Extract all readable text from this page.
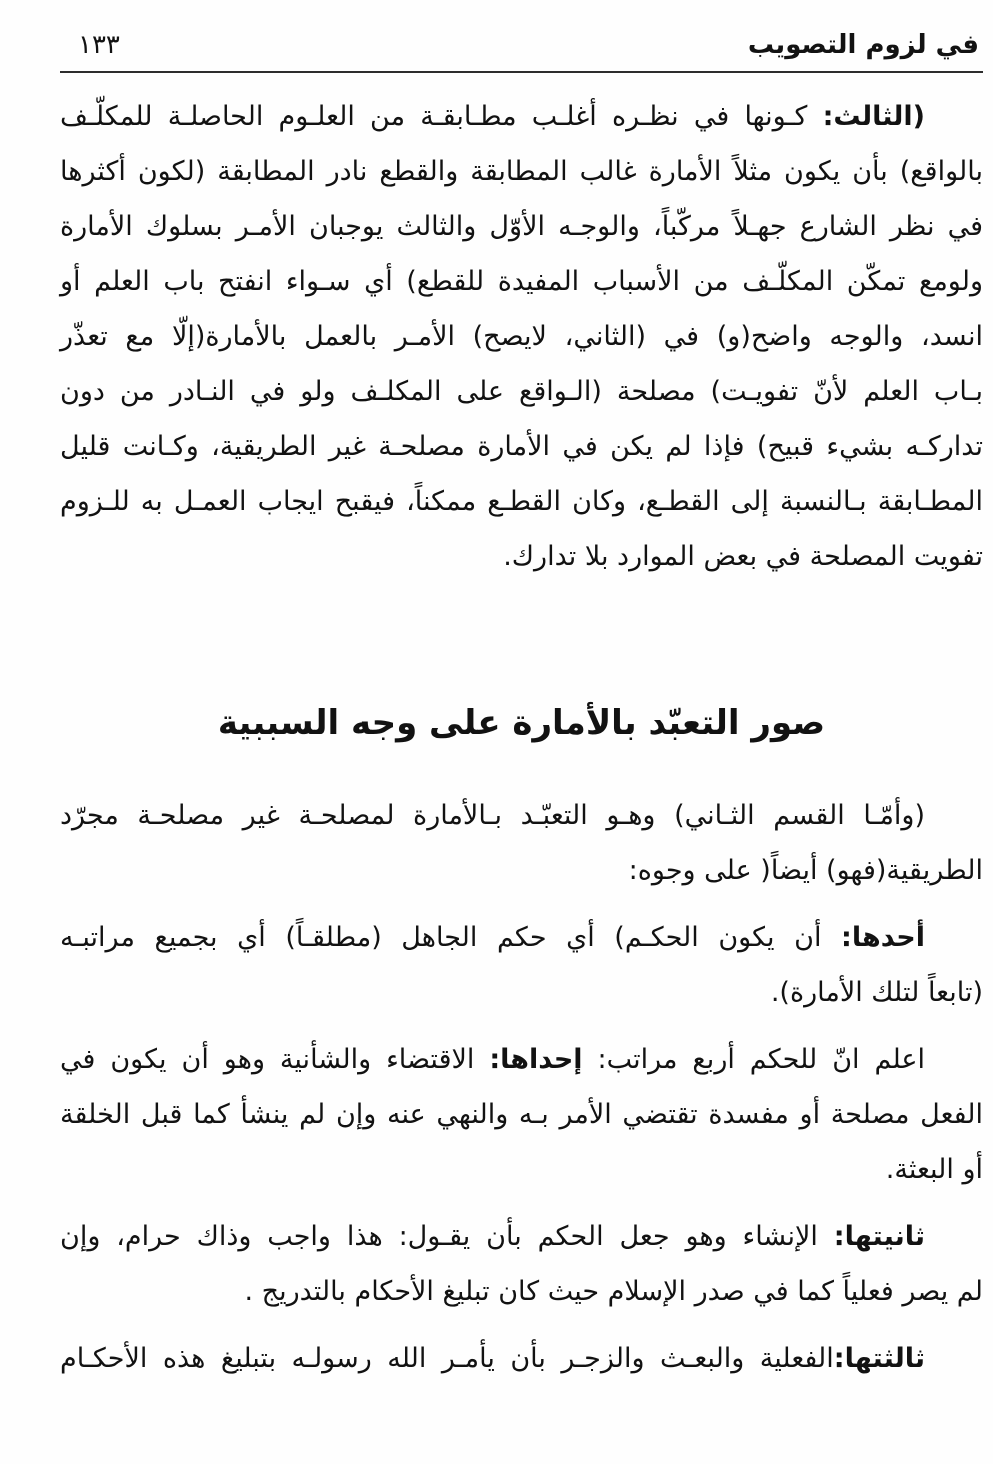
في لزوم التصويب
١٣٣
(الثالث: كـونها في نظـره أغلـب مطـابقـة من العلـوم الحاصلـة للمكلّـف
بالواقع) بأن يكون مثلاً الأمارة غالب المطابقة والقطع نادر المطابقة (لكون أكثرها
في نظر الشارع جهـلاً مركّباً، والوجـه الأوّل والثالث يوجبان الأمـر بسلوك الأمارة
ولومع تمكّن المكلّـف من الأسباب المفيدة للقطع) أي سـواء انفتح باب العلم أو
انسد، والوجه واضح(و) في (الثاني، لايصح) الأمـر بالعمل بالأمارة(إلّا مع تعذّر
بـاب العلم لأنّ تفويـت) مصلحة (الـواقع على المكلـف ولو في النـادر من دون
تداركـه بشيء قبيح) فإذا لم يكن في الأمارة مصلحـة غير الطريقية، وكـانت قليل
المطـابقة بـالنسبة إلى القطـع، وكان القطـع ممكناً، فيقبح ايجاب العمـل به للـزوم
تفويت المصلحة في بعض الموارد بلا تدارك.
صور التعبّد بالأمارة على وجه السببية
(وأمّـا القسم الثـاني) وهـو التعبّـد بـالأمارة لمصلحـة غير مصلحـة مجرّد
الطريقية(فهو) أيضاً( على وجوه:
أحدها: أن يكون الحكـم) أي حكم الجاهل (مطلقـاً) أي بجميع مراتبـه
(تابعاً لتلك الأمارة).
اعلم انّ للحكم أربع مراتب: إحداها: الاقتضاء والشأنية وهو أن يكون في
الفعل مصلحة أو مفسدة تقتضي الأمر بـه والنهي عنه وإن لم ينشأ كما قبل الخلقة
أو البعثة.
ثانيتها: الإنشاء وهو جعل الحكم بأن يقـول: هذا واجب وذاك حرام، وإن
لم يصر فعلياً كما في صدر الإسلام حيث كان تبليغ الأحكام بالتدريج .
ثالثتها:الفعلية والبعـث والزجـر بأن يأمـر الله رسولـه بتبليغ هذه الأحكـام
